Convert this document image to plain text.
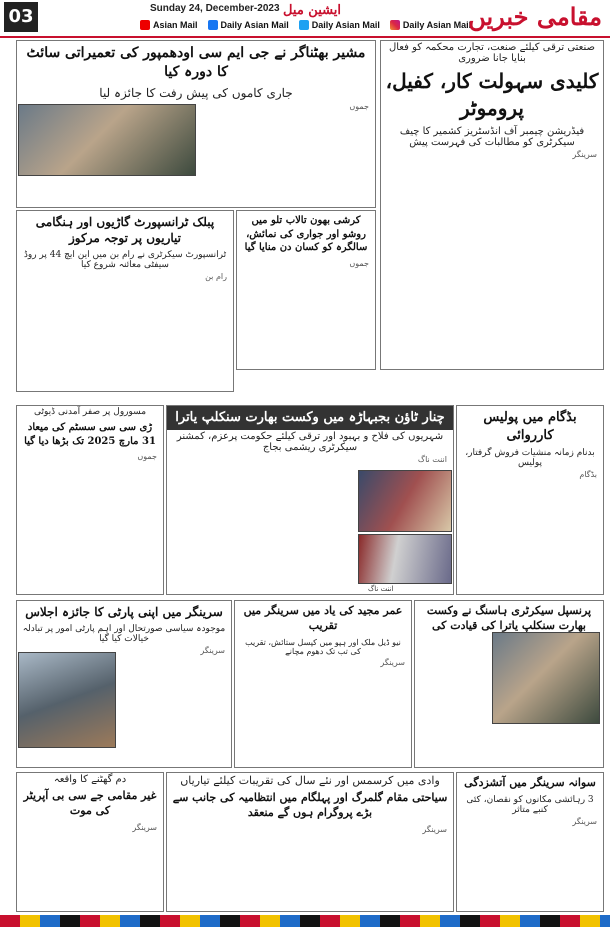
03	Sunday 24, December-2023 ایشین میل
Asian Mail	Daily Asian Mail	Daily Asian Mail	Daily Asian Mail
مقامی خبریں
صنعتی ترقی کیلئے صنعت، تجارت محکمہ کو فعال بنایا جانا ضروری
کلیدی سہولت کار، کفیل، پروموٹر
فیڈریشن چیمبر آف انڈسٹریز کشمیر کا چیف سیکرٹری کو مطالبات کی فہرست پیش
سرینگر
مشیر بھٹناگر نے جی ایم سی اودھمپور کی تعمیراتی سائٹ کا دورہ کیا
جاری کاموں کی پیش رفت کا جائزہ لیا
جموں
کرشی بھون تالاب تلو میں روشو اور جواری کی نمائش، سالگرہ کو کسان دن منایا گیا
جموں
پبلک ٹرانسپورٹ گاڑیوں اور ہنگامی تیاریوں پر توجہ مرکوز
ٹرانسپورٹ سیکرٹری نے رام بن میں این ایچ 44 پر روڈ سیفٹی معائنہ شروع کیا
رام بن
بڈگام میں پولیس کارروائی
بدنام زمانہ منشیات فروش گرفتار، پولیس
بڈگام
چنار ٹاؤن بجبہاڑہ میں وکست بھارت سنکلپ یاترا
شہریوں کی فلاح و بہبود اور ترقی کیلئے حکومت پرعزم، کمشنر سیکرٹری ریشمی بجاج
اننت ناگ
اننت ناگ
مسورول پر صفر آمدنی ڈیوٹی
ڑی سی سی سسٹم کی میعاد 31 مارچ 2025 تک بڑھا دیا گیا
جموں
سرینگر میں اپنی پارٹی کا جائزہ اجلاس
موجودہ سیاسی صورتحال اور اہم پارٹی امور پر تبادلہ خیالات کیا گیا
سرینگر
عمر مجید کی یاد میں سرینگر میں تقریب
نیو ڈیل ملک اور ہپو میں کپسل ستائش، تقریب کی تب تک دھوم مچانے
سرینگر
پرنسپل سیکرٹری ہاسنگ نے وکست بھارت سنکلپ یاترا کی قیادت کی
سوانہ سرینگر میں آتشزدگی
3 رہائشی مکانوں کو نقصان، کئی کنبے متاثر
سرینگر
وادی میں کرسمس اور نئے سال کی تقریبات کیلئے تیاریاں
سیاحتی مقام گلمرگ اور پہلگام میں انتظامیہ کی جانب سے بڑے پروگرام ہوں گے منعقد
سرینگر
دم گھٹنے کا واقعہ
غیر مقامی جے سی بی آپریٹر کی موت
سرینگر
